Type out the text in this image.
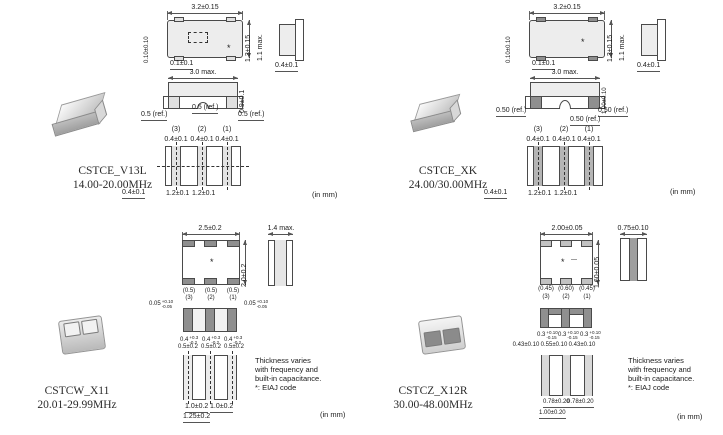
CSTCE_V13L
14.00-20.00MHz
3.2±0.15
* 1.3±0.15
0.10±0.10
0.1±0.1
1.1 max.
0.4±0.1
3.0 max.
0.9±0.1
0.5 (ref.)
0.5 (ref.)	0.5 (ref.)
(3)	(2)	(1)
0.4±0.1 0.4±0.1 0.4±0.1
0.4±0.1	1.2±0.1 1.2±0.1	(in mm)
CSTCE_XK
24.00/30.00MHz
3.2±0.15
*	1.3±0.15
0.10±0.10
0.1±0.1
1.1 max.
0.4±0.1
3.0 max.
1.00±0.10
0.50 (ref.)	0.50 (ref.)
0.50 (ref.)
(3)	(2)	(1)
0.4±0.1 0.4±0.1 0.4±0.1
0.4±0.1	1.2±0.1 1.2±0.1	(in mm)
CSTCW_X11
20.01-29.99MHz
2.5±0.2
*
2.0±0.2
1.4 max.
(0.5)	(0.5)	(0.5)
(3)	(2)	(1)
0.05 +0.10
-0.05	0.05 +0.10
-0.05
0.4 +0.3
-0.2 0.4 +0.3
-0.2 0.4 +0.3
-0.2
0.5±0.2 0.5±0.2 0.5±0.2
1.0±0.2 1.0±0.2
1.25±0.2
Thickness varies
with frequency and
built-in capacitance.
*: EIAJ code
(in mm)
CSTCZ_X12R
30.00-48.00MHz
2.00±0.05
* — 1.60±0.05
0.75±0.10
(0.45) (0.60) (0.45)
(3)	(2)	(1)
0.3 +0.10
-0.15 0.3 +0.10
-0.15 0.3 +0.10
-0.15
0.43±0.10 0.55±0.10 0.43±0.10
0.78±0.20
0.78±0.20
1.00±0.20
Thickness varies
with frequency and
built-in capacitance.
*: EIAJ code
(in mm)
